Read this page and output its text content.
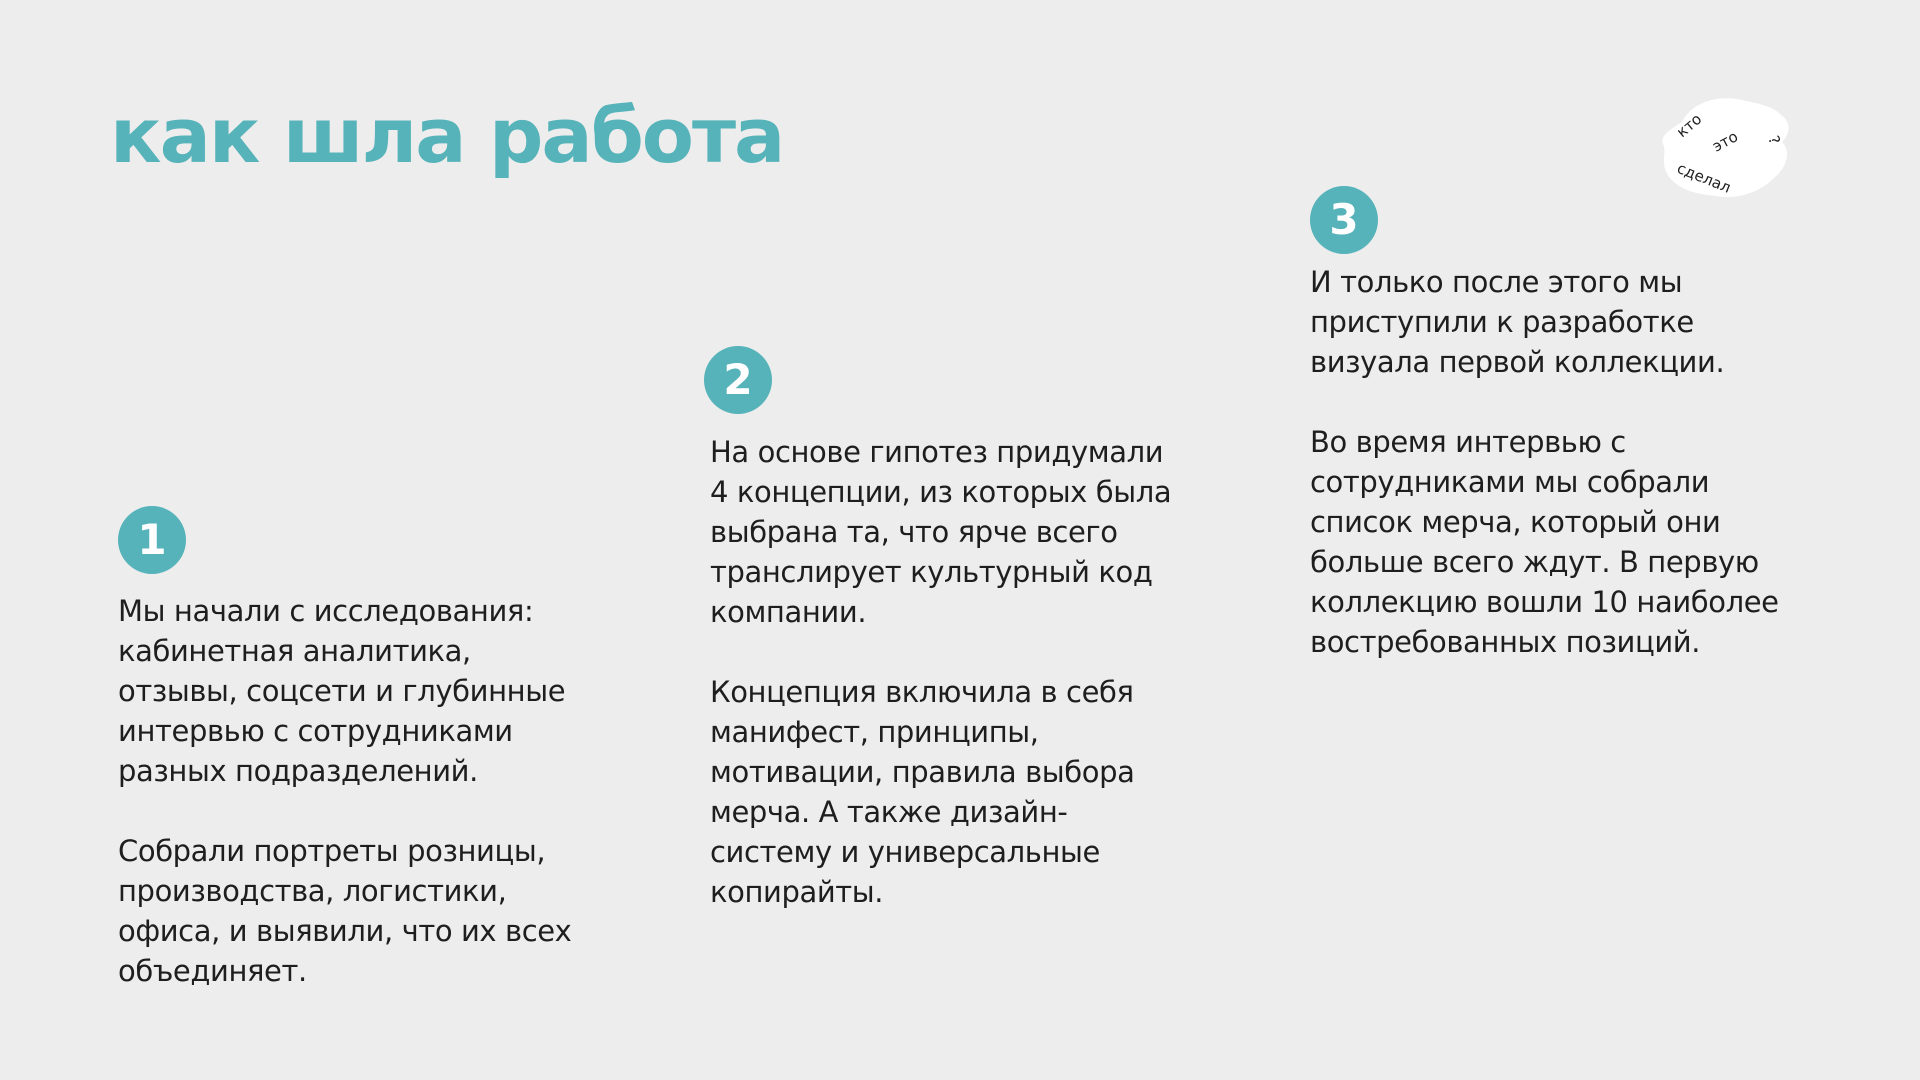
как шла работа	кто
это
сделал
?
1

Мы начали с исследования:
кабинетная аналитика,
отзывы, соцсети и глубинные
интервью с сотрудниками
разных подразделений.

Собрали портреты розницы,
производства, логистики,
офиса, и выявили, что их всех
объединяет.

2

На основе гипотез придумали
4 концепции, из которых была
выбрана та, что ярче всего
транслирует культурный код
компании.

Концепция включила в себя
манифест, принципы,
мотивации, правила выбора
мерча. А также дизайн-
систему и универсальные
копирайты.

3

И только после этого мы
приступили к разработке
визуала первой коллекции.

Во время интервью с
сотрудниками мы собрали
список мерча, который они
больше всего ждут. В первую
коллекцию вошли 10 наиболее
востребованных позиций.
